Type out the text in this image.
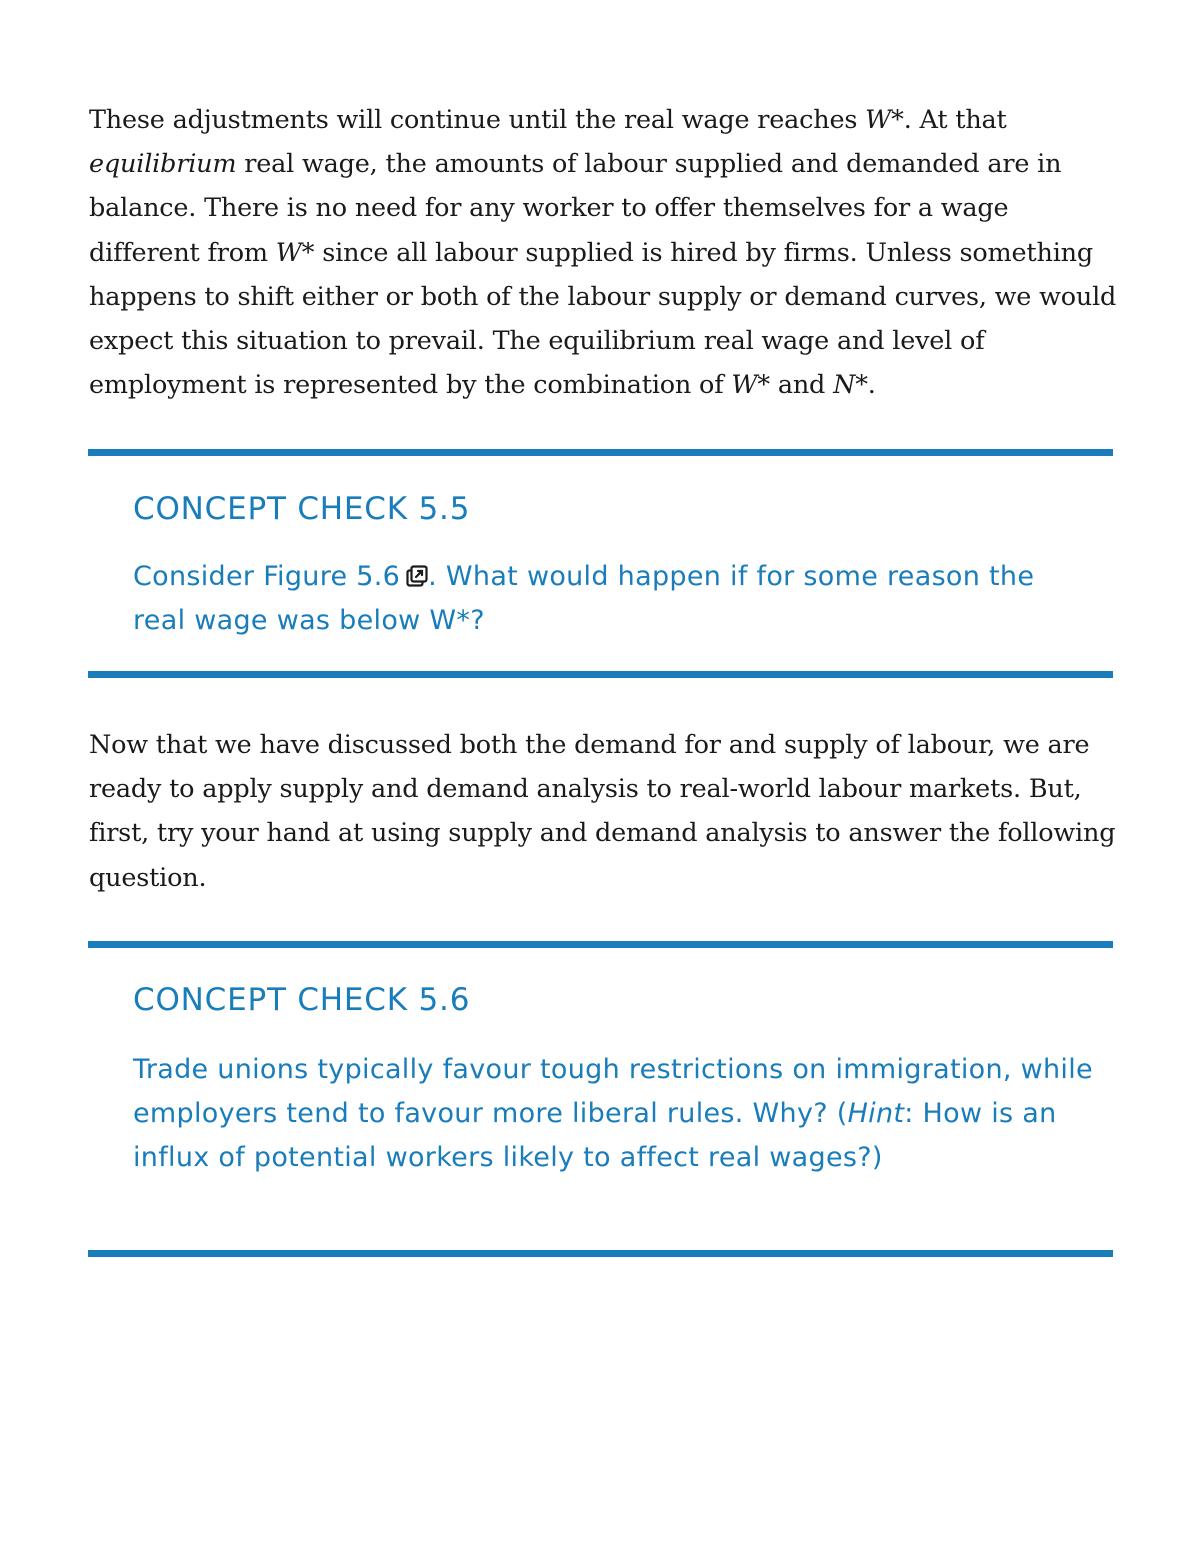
These adjustments will continue until the real wage reaches W*. At that equilibrium real wage, the amounts of labour supplied and demanded are in balance. There is no need for any worker to offer themselves for a wage different from W* since all labour supplied is hired by firms. Unless something happens to shift either or both of the labour supply or demand curves, we would expect this situation to prevail. The equilibrium real wage and level of employment is represented by the combination of W* and N*.

CONCEPT CHECK 5.5

Consider Figure 5.6 . What would happen if for some reason the real wage was below W*?

Now that we have discussed both the demand for and supply of labour, we are ready to apply supply and demand analysis to real-world labour markets. But, first, try your hand at using supply and demand analysis to answer the following question.

CONCEPT CHECK 5.6

Trade unions typically favour tough restrictions on immigration, while employers tend to favour more liberal rules. Why? (Hint: How is an influx of potential workers likely to affect real wages?)
